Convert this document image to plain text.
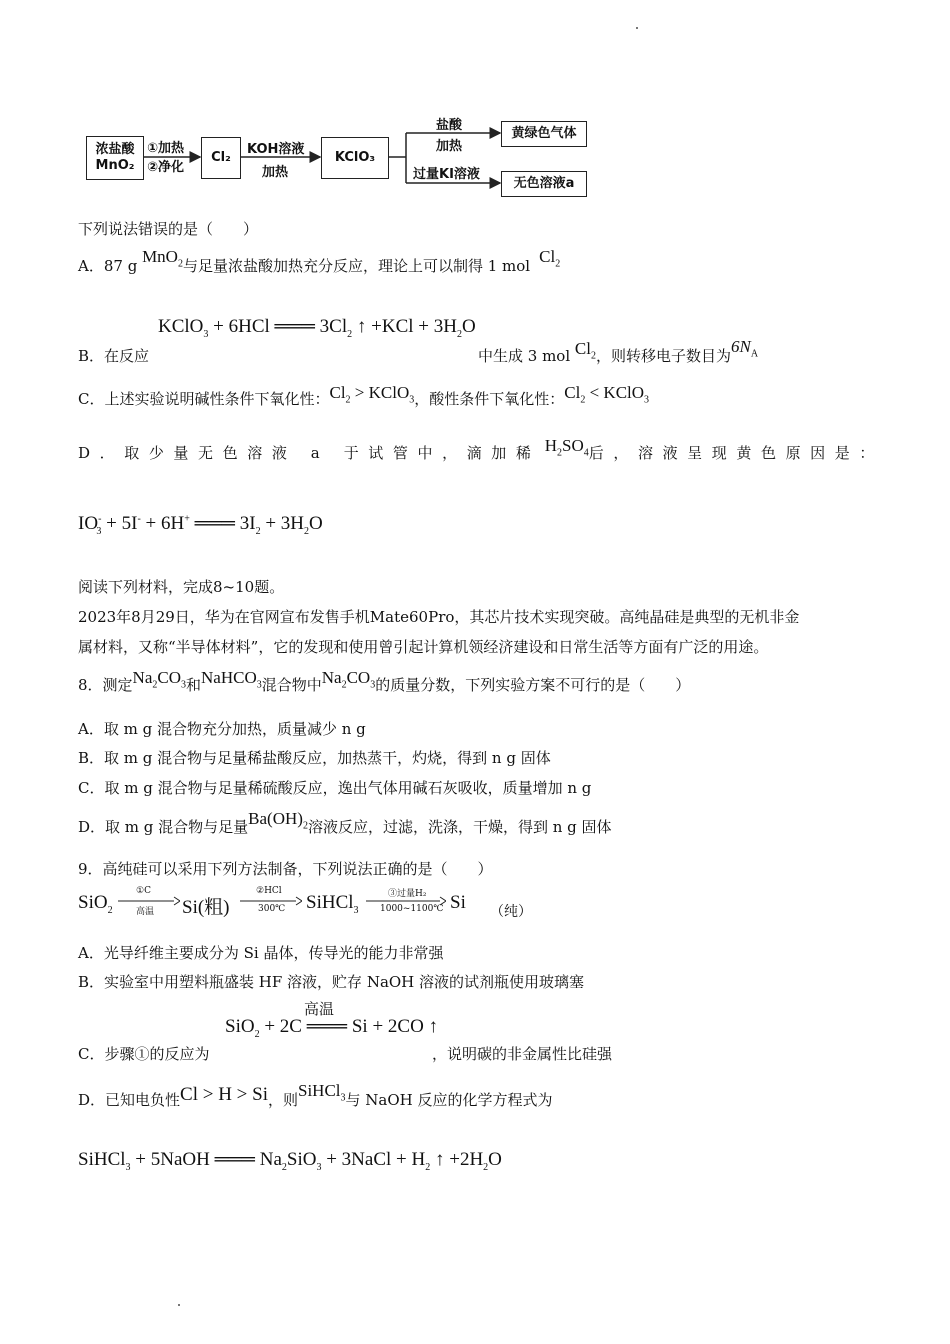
浓盐酸
MnO₂
①加热
②净化
Cl₂
KOH溶液
加热
KClO₃
盐酸
加热
黄绿色气体
过量KI溶液
无色溶液a
下列说法错误的是（　　）
A．87 g MnO$_2$与足量浓盐酸加热充分反应，理论上可以制得 1 mol  $Cl_2$
KClO$_3$ + 6HCl ═══ $3Cl_2$ ↑ $+KCl + 3H_2O$
B．在反应	中生成 3 mol $Cl_2$，则转移电子数目为$6N_A$
C．上述实验说明碱性条件下氧化性：$Cl_2$ > KClO$_3$，酸性条件下氧化性：$Cl_2$ < KClO$_3$
D．取少量无色溶液 a 于试管中，滴加稀 $H_2SO_4$后，溶液呈现黄色原因是：
$IO^-_3 + 5I^- + 6H^+$ ═══ $3I_2 + 3H_2O$
阅读下列材料，完成8~10题。
2023年8月29日，华为在官网宣布发售手机Mate60Pro，其芯片技术实现突破。高纯晶硅是典型的无机非金
属材料，又称“半导体材料”，它的发现和使用曾引起计算机领经济建设和日常生活等方面有广泛的用途。
8．测定$Na_2CO_3$和NaHCO$_3$混合物中$Na_2CO_3$的质量分数，下列实验方案不可行的是（　　）
A．取 m g 混合物充分加热，质量减少 n g
B．取 m g 混合物与足量稀盐酸反应，加热蒸干，灼烧，得到 n g 固体
C．取 m g 混合物与足量稀硫酸反应，逸出气体用碱石灰吸收，质量增加 n g
D．取 m g 混合物与足量$Ba(OH)_2$溶液反应，过滤，洗涤，干燥，得到 n g 固体
9．高纯硅可以采用下列方法制备，下列说法正确的是（　　）
SiO$_2$
①C
高温 Si(粗)
②HCl
300℃ SiHCl$_3$
③过量H₂
1000~1100℃ Si （纯）
A．光导纤维主要成分为 Si 晶体，传导光的能力非常强
B．实验室中用塑料瓶盛装 HF 溶液，贮存 NaOH 溶液的试剂瓶使用玻璃塞
高温
SiO$_2$ + 2C ═══ Si + 2CO ↑
C．步骤①的反应为	，说明碳的非金属性比硅强
D．已知电负性Cl > H > Si，则SiHCl$_3$与 NaOH 反应的化学方程式为
SiHCl$_3$ + 5NaOH ═══ $Na_2SiO_3$ + 3NaCl + $H_2$ ↑ $+2H_2O$
